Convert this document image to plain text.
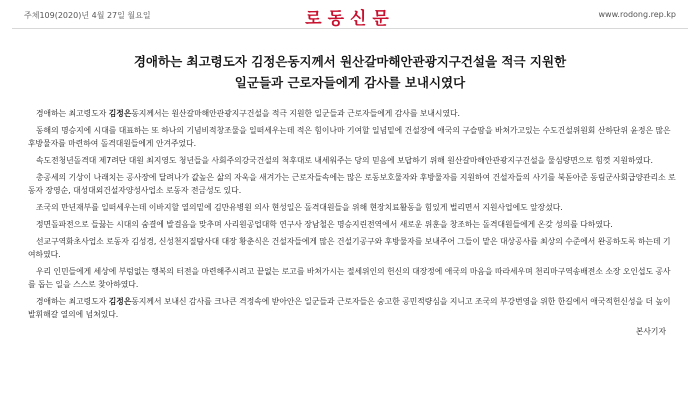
주체109(2020)년 4월 27일 월요일	로동신문	www.rodong.rep.kp
경애하는 최고령도자 김정은동지께서 원산갈마해안관광지구건설을 적극 지원한
일군들과 근로자들에게 감사를 보내시였다

경애하는 최고령도자 김정은동지께서는 원산갈마해안관광지구건설을 적극 지원한 일군들과 근로자들에게 감사를 보내시였다.

동해의 명승지에 시대를 대표하는 또 하나의 기념비적창조물을 일떠세우는데 적은 힘이나마 기여할 일념밑에 건설장에 애국의 구슬땀을 바쳐가고있는 수도건설위원회 산하단위 윤정은 많은 후방물자를 마련하여 돌격대원들에게 안겨주었다.

속도전청년돌격대 제7려단 대원 최지영도 청년들을 사회주의강국건설의 척후대로 내세워주는 당의 믿음에 보답하기 위해 원산갈마해안관광지구건설을 물심량면으로 힘껏 지원하였다.

총공세의 기상이 나래치는 공사장에 달려나가 값높은 삶의 자욱을 새겨가는 근로자들속에는 많은 로동보호물자와 후방물자를 지원하여 건설자들의 사기를 북돋아준 동림군사회급양관리소 로동자 장영순, 대성대외건설자양성사업소 로동자 전금성도 있다.

조국의 만년재부를 일떠세우는데 이바지할 열의밑에 김만유병원 의사 현성일은 돌격대원들을 위해 현장치료활동을 힘있게 벌리면서 지원사업에도 앞장섰다.

정면돌파전으로 들끓는 시대의 숨결에 발걸음을 맞추며 사리원공업대학 연구사 장남철은 명승지린전역에서 새로운 위훈을 창조하는 돌격대원들에게 온갖 성의를 다하였다.

선교구역화초사업소 로동자 김성경, 신성천지질탐사대 대장 황춘식은 건설자들에게 많은 건설기공구와 후방물자를 보내주어 그들이 맡은 대상공사를 최상의 수준에서 완공하도록 하는데 기여하였다.

우리 인민들에게 세상에 부럼없는 행복의 터전을 마련해주시려고 끝없는 로고를 바쳐가시는 절세위인의 헌신의 대장정에 애국의 마음을 따라세우며 천리마구역송배전소 소장 오인섭도 공사를 돕는 일을 스스로 찾아하였다.

경애하는 최고령도자 김정은동지께서 보내신 감사를 크나큰 격정속에 받아안은 일군들과 근로자들은 숭고한 공민적량심을 지니고 조국의 부강번영을 위한 한길에서 애국적헌신성을 더 높이 발휘해갈 열의에 넘쳐있다.

본사기자
